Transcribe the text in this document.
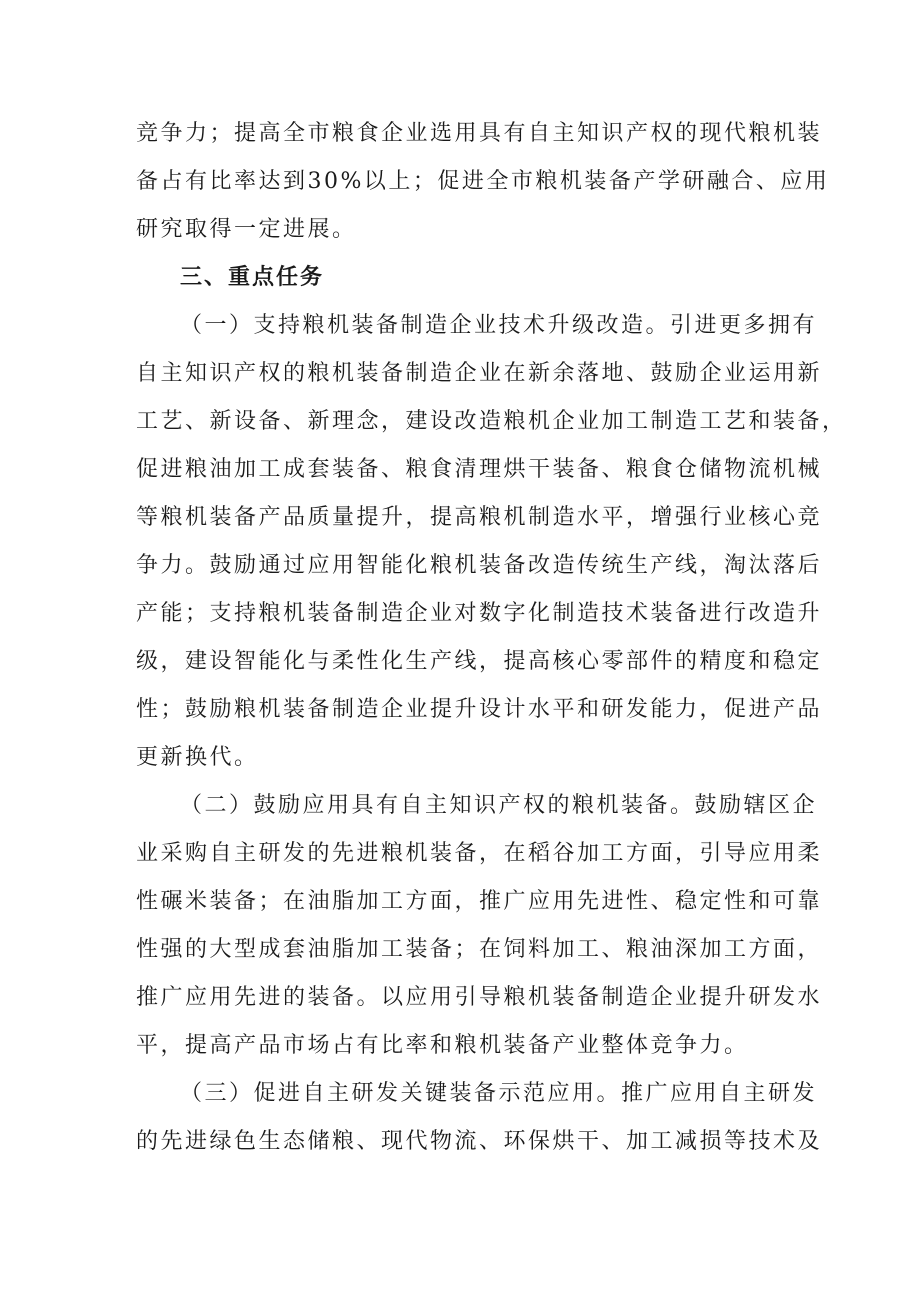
竞争力；提高全市粮食企业选用具有自主知识产权的现代粮机装
备占有比率达到30%以上；促进全市粮机装备产学研融合、应用
研究取得一定进展。
三、重点任务
（一）支持粮机装备制造企业技术升级改造。引进更多拥有
自主知识产权的粮机装备制造企业在新余落地、鼓励企业运用新
工艺、新设备、新理念，建设改造粮机企业加工制造工艺和装备，
促进粮油加工成套装备、粮食清理烘干装备、粮食仓储物流机械
等粮机装备产品质量提升，提高粮机制造水平，增强行业核心竞
争力。鼓励通过应用智能化粮机装备改造传统生产线，淘汰落后
产能；支持粮机装备制造企业对数字化制造技术装备进行改造升
级，建设智能化与柔性化生产线，提高核心零部件的精度和稳定
性；鼓励粮机装备制造企业提升设计水平和研发能力，促进产品
更新换代。
（二）鼓励应用具有自主知识产权的粮机装备。鼓励辖区企
业采购自主研发的先进粮机装备，在稻谷加工方面，引导应用柔
性碾米装备；在油脂加工方面，推广应用先进性、稳定性和可靠
性强的大型成套油脂加工装备；在饲料加工、粮油深加工方面，
推广应用先进的装备。以应用引导粮机装备制造企业提升研发水
平，提高产品市场占有比率和粮机装备产业整体竞争力。
（三）促进自主研发关键装备示范应用。推广应用自主研发
的先进绿色生态储粮、现代物流、环保烘干、加工减损等技术及
